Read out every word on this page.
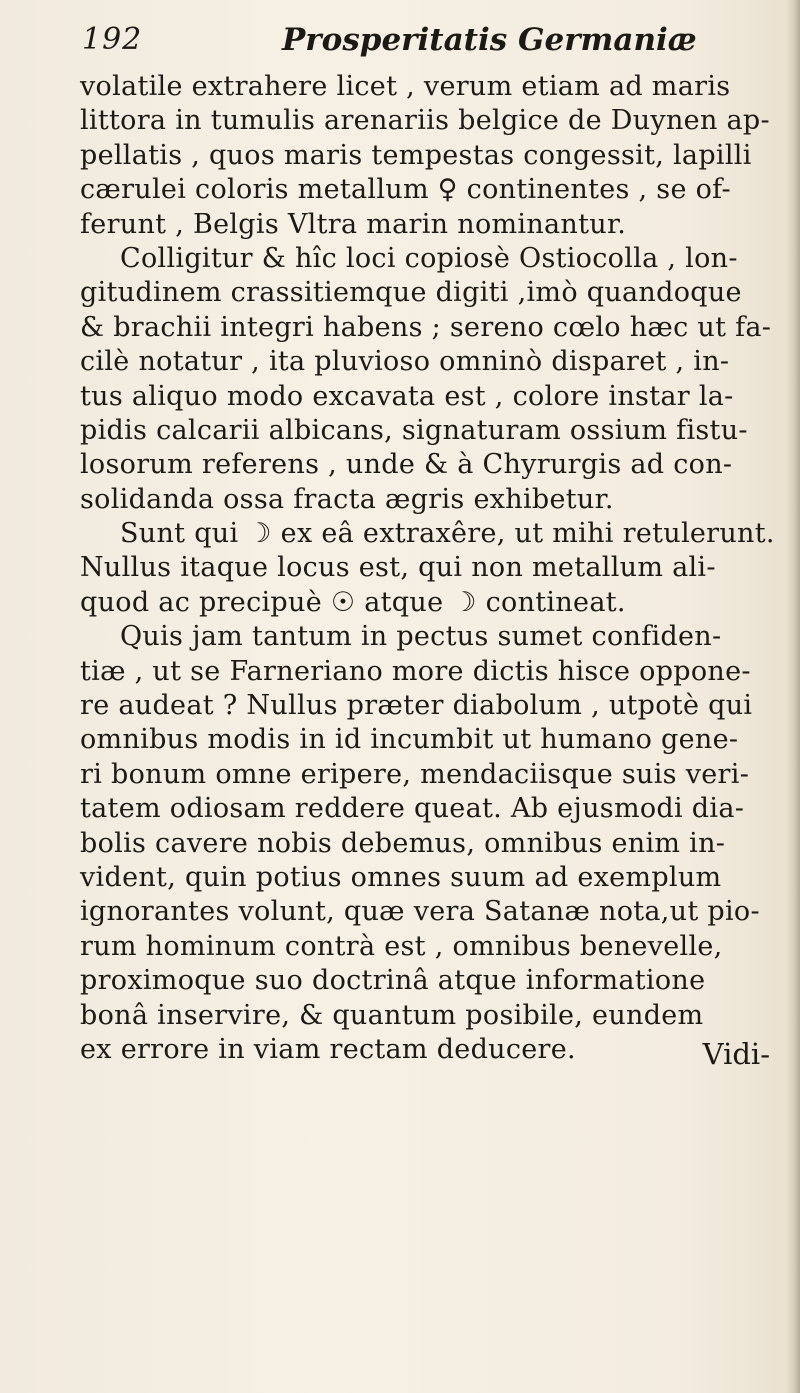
192	Prosperitatis Germaniæ
volatile extrahere licet , verum etiam ad maris
littora in tumulis arenariis belgice de Duynen ap-
pellatis , quos maris tempestas congessit, lapilli
cærulei coloris metallum ♀ continentes , se of-
ferunt , Belgis Vltra marin nominantur.
Colligitur & hîc loci copiosè Ostiocolla , lon-
gitudinem crassitiemque digiti ,imò quandoque
& brachii integri habens ; sereno cœlo hæc ut fa-
cilè notatur , ita pluvioso omninò disparet , in-
tus aliquo modo excavata est , colore instar la-
pidis calcarii albicans, signaturam ossium fistu-
losorum referens , unde & à Chyrurgis ad con-
solidanda ossa fracta ægris exhibetur.
Sunt qui ☽ ex eâ extraxêre, ut mihi retulerunt.
Nullus itaque locus est, qui non metallum ali-
quod ac precipuè ☉ atque ☽ contineat.
Quis jam tantum in pectus sumet confiden-
tiæ , ut se Farneriano more dictis hisce oppone-
re audeat ? Nullus præter diabolum , utpotè qui
omnibus modis in id incumbit ut humano gene-
ri bonum omne eripere, mendaciisque suis veri-
tatem odiosam reddere queat. Ab ejusmodi dia-
bolis cavere nobis debemus, omnibus enim in-
vident, quin potius omnes suum ad exemplum
ignorantes volunt, quæ vera Satanæ nota,ut pio-
rum hominum contrà est , omnibus benevelle,
proximoque suo doctrinâ atque informatione
bonâ inservire, & quantum posibile, eundem
ex errore in viam rectam deducere.	Vidi-
